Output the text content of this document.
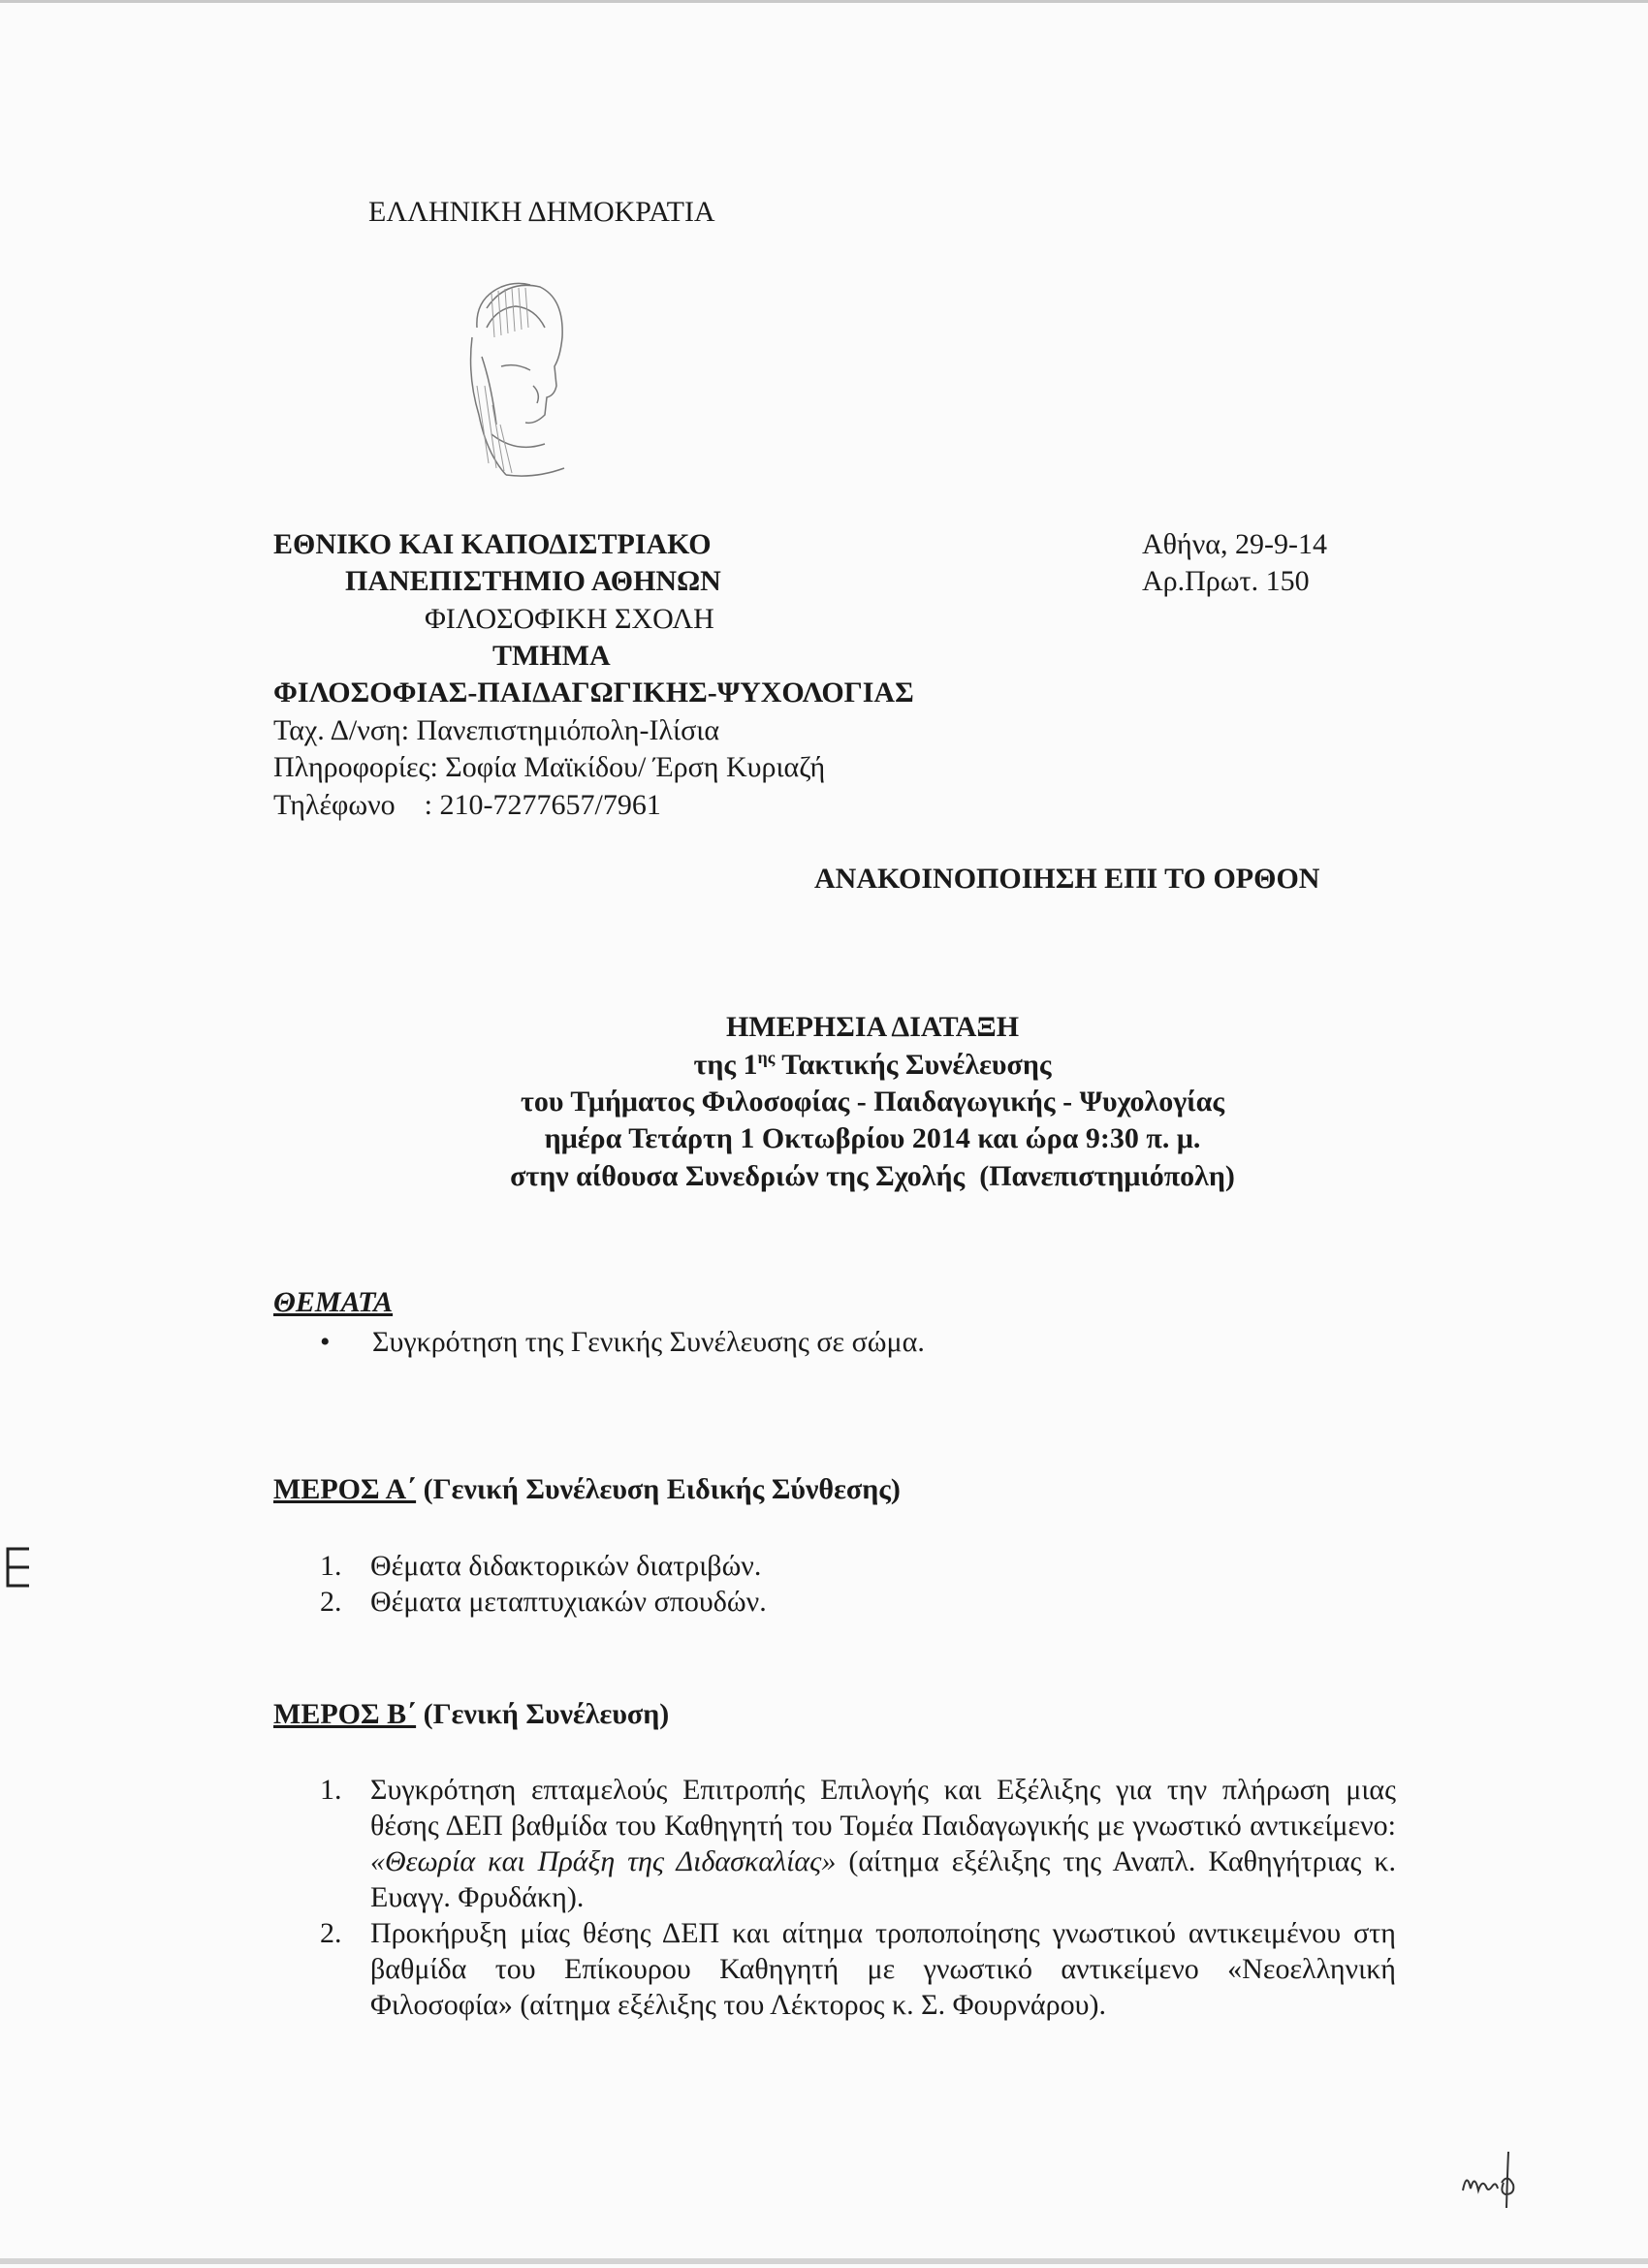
ΕΛΛΗΝΙΚΗ ΔΗΜΟΚΡΑΤΙΑ
ΕΘΝΙΚΟ ΚΑΙ ΚΑΠΟΔΙΣΤΡΙΑΚΟ
ΠΑΝΕΠΙΣΤΗΜΙΟ ΑΘΗΝΩΝ
ΦΙΛΟΣΟΦΙΚΗ ΣΧΟΛΗ
ΤΜΗΜΑ
ΦΙΛΟΣΟΦΙΑΣ-ΠΑΙΔΑΓΩΓΙΚΗΣ-ΨΥΧΟΛΟΓΙΑΣ
Ταχ. Δ/νση: Πανεπιστημιόπολη-Ιλίσια
Πληροφορίες: Σοφία Μαϊκίδου/ Έρση Κυριαζή
Τηλέφωνο    : 210-7277657/7961
Αθήνα, 29-9-14
Αρ.Πρωτ. 150
ΑΝΑΚΟΙΝΟΠΟΙΗΣΗ ΕΠΙ ΤΟ ΟΡΘΟΝ
ΗΜΕΡΗΣΙΑ ΔΙΑΤΑΞΗ
της $1^{\eta\varsigma}$ Τακτικής Συνέλευσης
του Τμήματος Φιλοσοφίας - Παιδαγωγικής - Ψυχολογίας
ημέρα Τετάρτη 1 Οκτωβρίου 2014 και ώρα 9:30 π. μ.
στην αίθουσα Συνεδριών της Σχολής  (Πανεπιστημιόπολη)
ΘΕΜΑΤΑ
• Συγκρότηση της Γενικής Συνέλευσης σε σώμα.
ΜΕΡΟΣ Α΄ (Γενική Συνέλευση Ειδικής Σύνθεσης)
1. Θέματα διδακτορικών διατριβών.
2. Θέματα μεταπτυχιακών σπουδών.
ΜΕΡΟΣ Β΄ (Γενική Συνέλευση)
1. Συγκρότηση επταμελούς Επιτροπής Επιλογής και Εξέλιξης για την πλήρωση μιας θέσης ΔΕΠ βαθμίδα του Καθηγητή του Τομέα Παιδαγωγικής με γνωστικό αντικείμενο: «Θεωρία και Πράξη της Διδασκαλίας» (αίτημα εξέλιξης της Αναπλ. Καθηγήτριας κ. Ευαγγ. Φρυδάκη).
2. Προκήρυξη μίας θέσης ΔΕΠ και αίτημα τροποποίησης γνωστικού αντικειμένου στη βαθμίδα του Επίκουρου Καθηγητή με γνωστικό αντικείμενο «Νεοελληνική Φιλοσοφία» (αίτημα εξέλιξης του Λέκτορος κ. Σ. Φουρνάρου).
